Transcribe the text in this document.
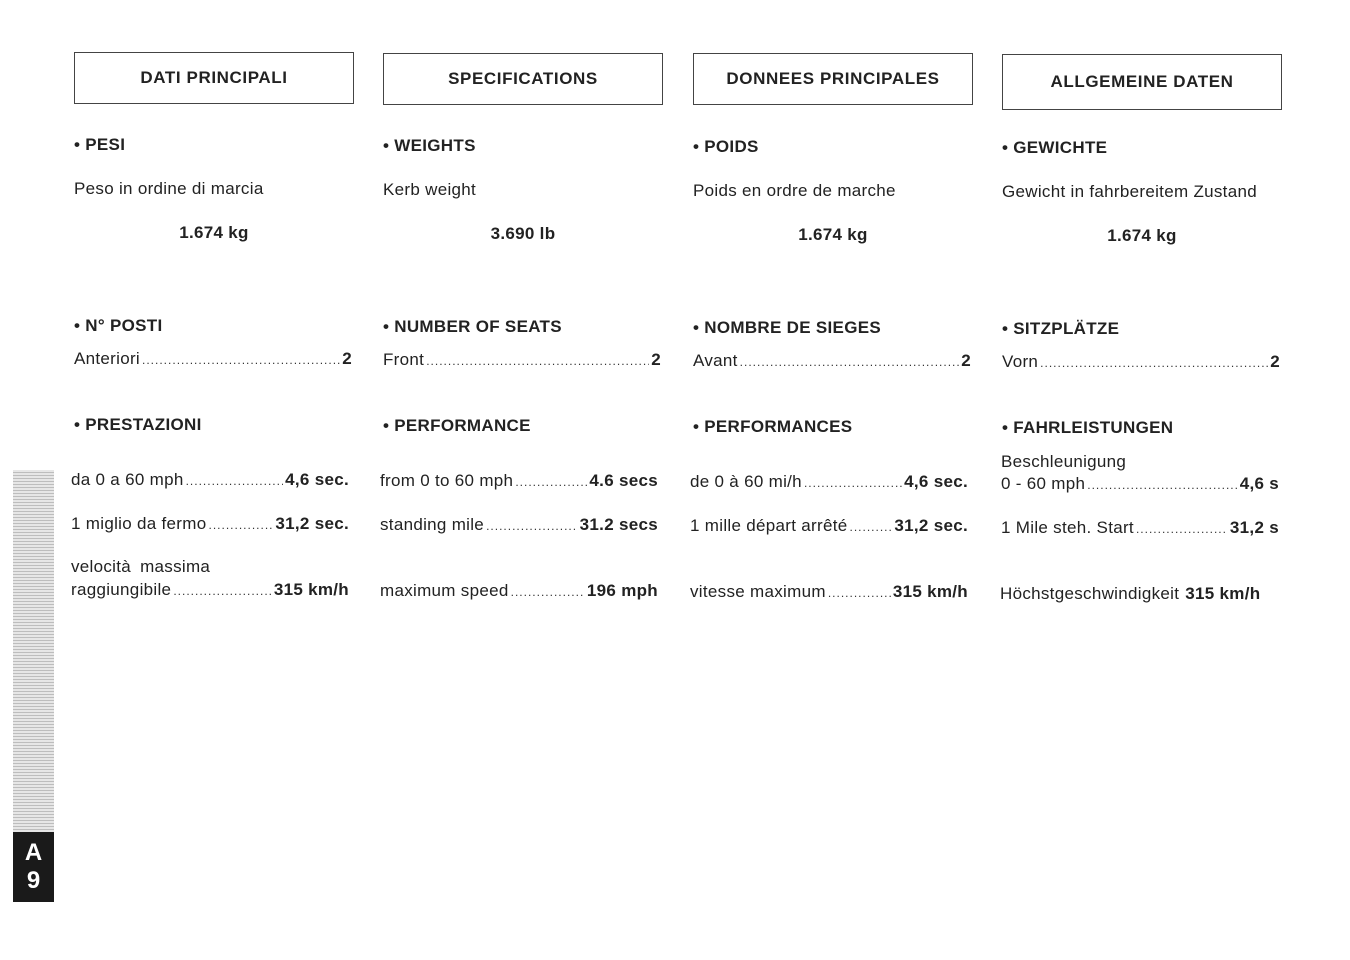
DATI PRINCIPALI
• PESI
Peso in ordine di marcia
1.674 kg
• N° POSTI
Anteriori .....	2
• PRESTAZIONI
da 0 a 60 mph .....	4,6 sec.
1 miglio da fermo .....	31,2 sec.
velocità massima
raggiungibile .....	315 km/h
SPECIFICATIONS
• WEIGHTS
Kerb weight
3.690 lb
• NUMBER OF SEATS
Front .....	2
• PERFORMANCE
from 0 to 60 mph .....	4.6 secs
standing mile .....	31.2 secs
maximum speed .....	196 mph
DONNEES PRINCIPALES
• POIDS
Poids en ordre de marche
1.674 kg
• NOMBRE DE SIEGES
Avant .....	2
• PERFORMANCES
de 0 à 60 mi/h .....	4,6 sec.
1 mille départ arrêté .....	31,2 sec.
vitesse maximum .....	315 km/h
ALLGEMEINE DATEN
• GEWICHTE
Gewicht in fahrbereitem Zustand
1.674 kg
• SITZPLÄTZE
Vorn .....	2
• FAHRLEISTUNGEN
Beschleunigung
0 - 60 mph .....	4,6 s
1 Mile steh. Start .....	31,2 s
Höchstgeschwindigkeit 315 km/h
A
9
